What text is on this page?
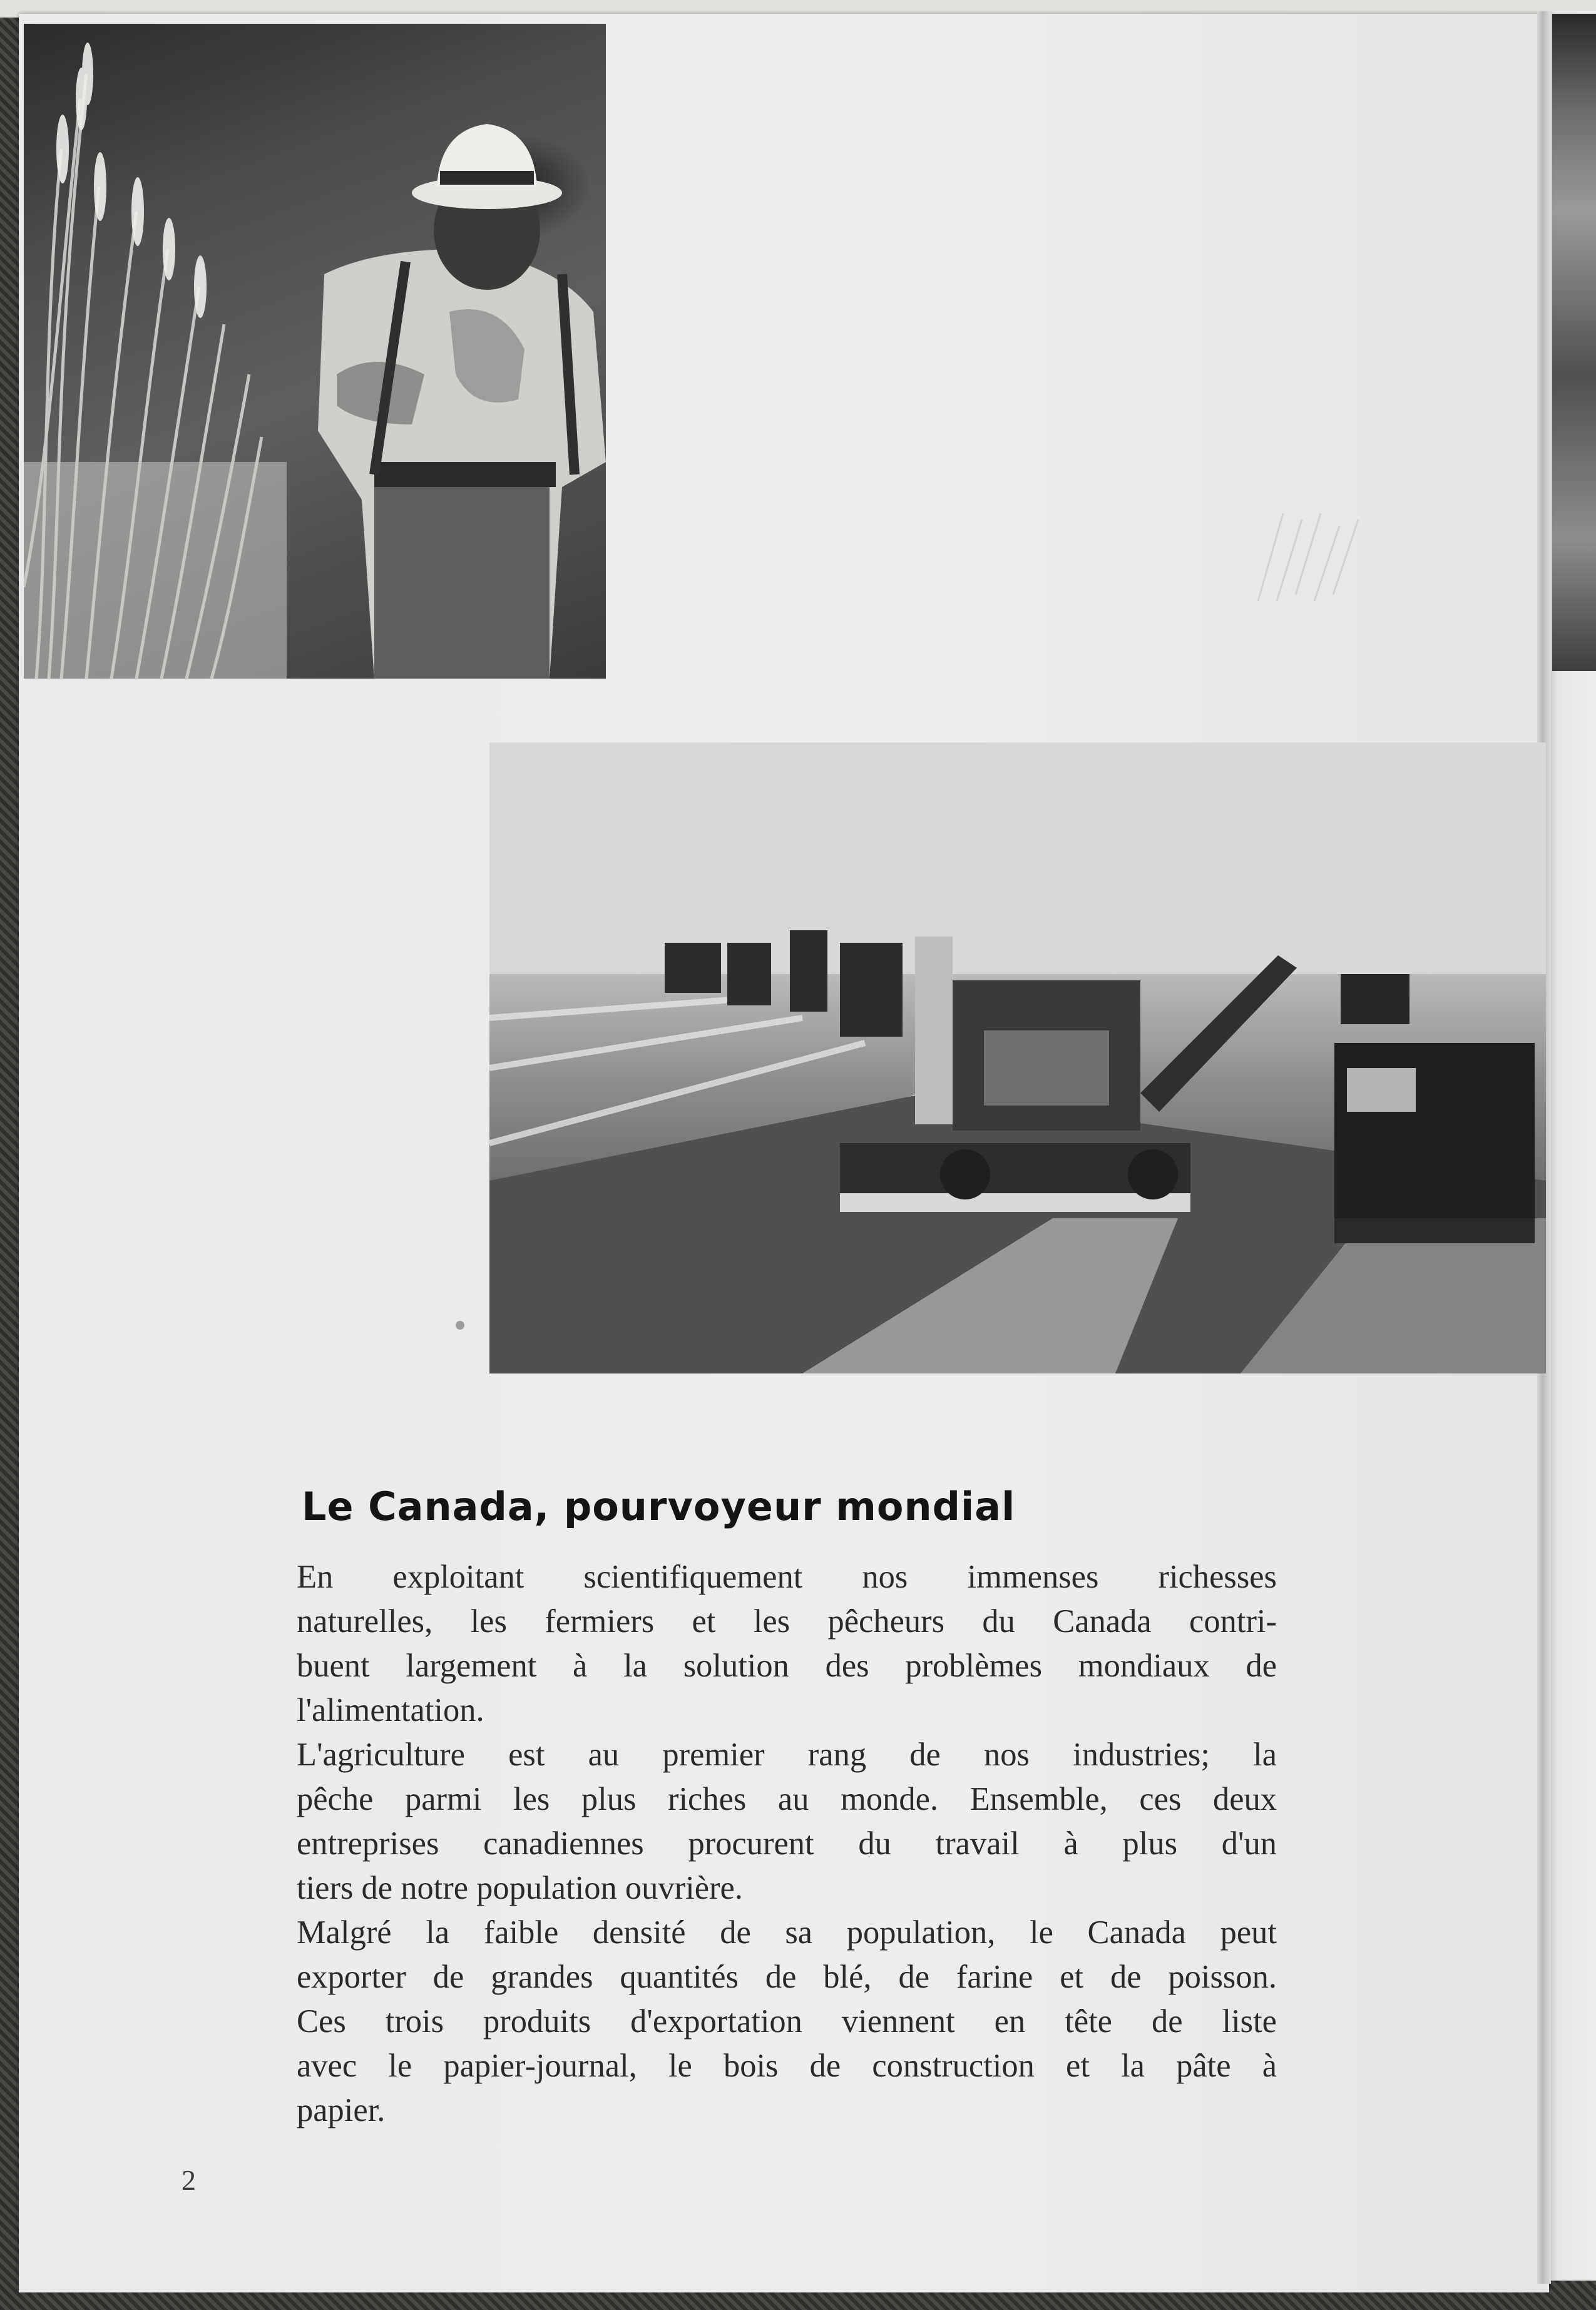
Le Canada, pourvoyeur mondial
En exploitant scientifiquement nos immenses richesses
naturelles, les fermiers et les pêcheurs du Canada contri-
buent largement à la solution des problèmes mondiaux de
l'alimentation.
L'agriculture est au premier rang de nos industries; la
pêche parmi les plus riches au monde. Ensemble, ces deux
entreprises canadiennes procurent du travail à plus d'un
tiers de notre population ouvrière.
Malgré la faible densité de sa population, le Canada peut
exporter de grandes quantités de blé, de farine et de poisson.
Ces trois produits d'exportation viennent en tête de liste
avec le papier-journal, le bois de construction et la pâte à
papier.
2
